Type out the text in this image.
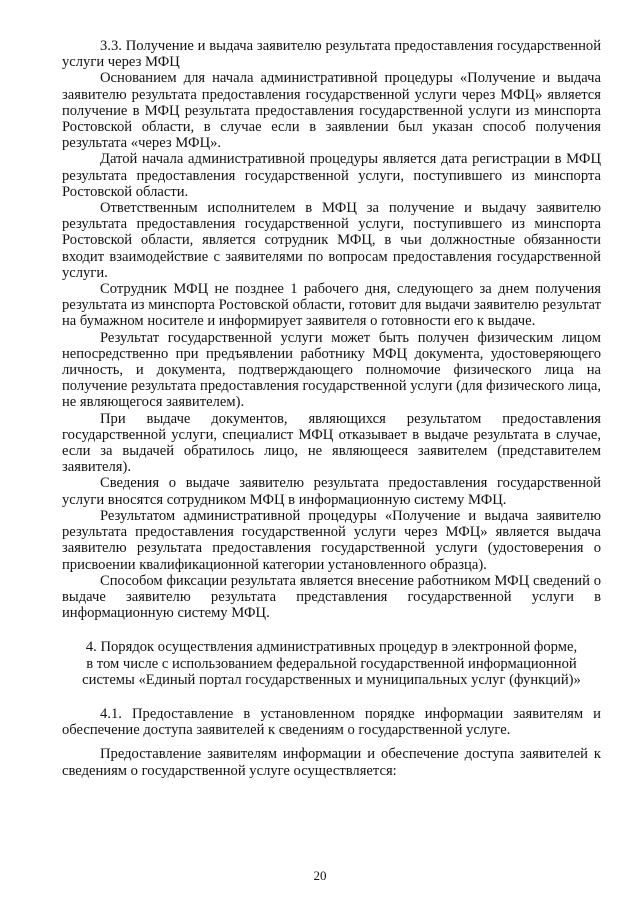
3.3. Получение и выдача заявителю результата предоставления государственной услуги через МФЦ

Основанием для начала административной процедуры «Получение и выдача заявителю результата предоставления государственной услуги через МФЦ» является получение в МФЦ результата предоставления государственной услуги из минспорта Ростовской области, в случае если в заявлении был указан способ получения результата «через МФЦ».

Датой начала административной процедуры является дата регистрации в МФЦ результата предоставления государственной услуги, поступившего из минспорта Ростовской области.

Ответственным исполнителем в МФЦ за получение и выдачу заявителю результата предоставления государственной услуги, поступившего из минспорта Ростовской области, является сотрудник МФЦ, в чьи должностные обязанности входит взаимодействие с заявителями по вопросам предоставления государственной услуги.

Сотрудник МФЦ не позднее 1 рабочего дня, следующего за днем получения результата из минспорта Ростовской области, готовит для выдачи заявителю результат на бумажном носителе и информирует заявителя о готовности его к выдаче.

Результат государственной услуги может быть получен физическим лицом непосредственно при предъявлении работнику МФЦ документа, удостоверяющего личность, и документа, подтверждающего полномочие физического лица на получение результата предоставления государственной услуги (для физического лица, не являющегося заявителем).

При выдаче документов, являющихся результатом предоставления государственной услуги, специалист МФЦ отказывает в выдаче результата в случае, если за выдачей обратилось лицо, не являющееся заявителем (представителем заявителя).

Сведения о выдаче заявителю результата предоставления государственной услуги вносятся сотрудником МФЦ в информационную систему МФЦ.

Результатом административной процедуры «Получение и выдача заявителю результата предоставления государственной услуги через МФЦ» является выдача заявителю результата предоставления государственной услуги (удостоверения о присвоении квалификационной категории установленного образца).

Способом фиксации результата является внесение работником МФЦ сведений о выдаче заявителю результата представления государственной услуги в информационную систему МФЦ.

4. Порядок осуществления административных процедур в электронной форме,
в том числе с использованием федеральной государственной информационной
системы «Единый портал государственных и муниципальных услуг (функций)»

4.1. Предоставление в установленном порядке информации заявителям и обеспечение доступа заявителей к сведениям о государственной услуге.

Предоставление заявителям информации и обеспечение доступа заявителей к сведениям о государственной услуге осуществляется:

20
